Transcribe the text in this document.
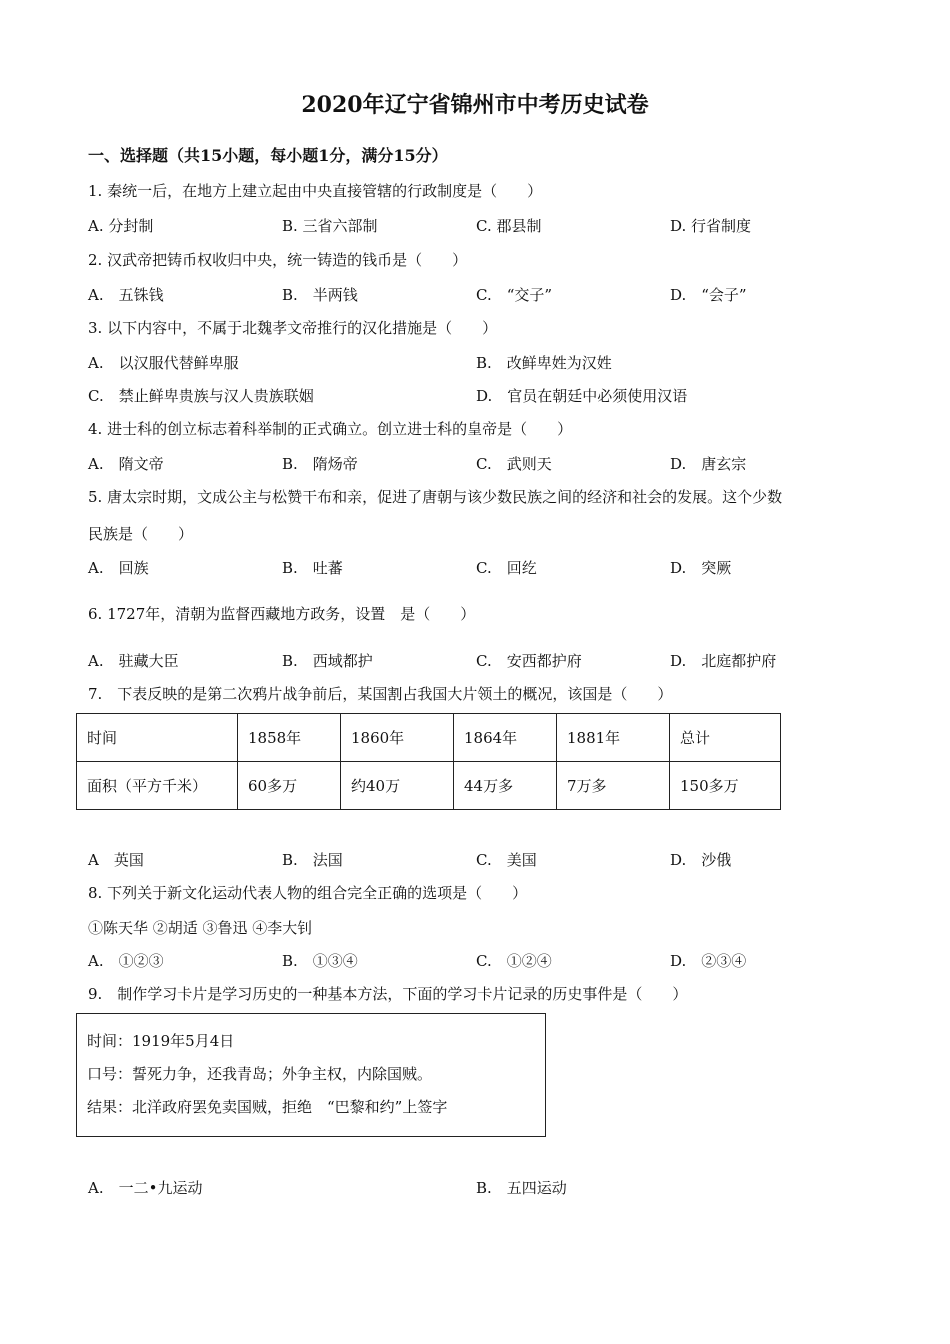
2020年辽宁省锦州市中考历史试卷
一、选择题（共15小题，每小题1分，满分15分）
1. 秦统一后，在地方上建立起由中央直接管辖的行政制度是（　　）
A. 分封制	B. 三省六部制	C. 郡县制	D. 行省制度
2. 汉武帝把铸币权收归中央，统一铸造的钱币是（　　）
A.　五铢钱	B.　半两钱	C.　“交子”	D.　“会子”
3. 以下内容中，不属于北魏孝文帝推行的汉化措施是（　　）
A.　以汉服代替鲜卑服	B.　改鲜卑姓为汉姓
C.　禁止鲜卑贵族与汉人贵族联姻	D.　官员在朝廷中必须使用汉语
4. 进士科的创立标志着科举制的正式确立。创立进士科的皇帝是（　　）
A.　隋文帝	B.　隋炀帝	C.　武则天	D.　唐玄宗
5. 唐太宗时期，文成公主与松赞干布和亲，促进了唐朝与该少数民族之间的经济和社会的发展。这个少数
民族是（　　）
A.　回族	B.　吐蕃	C.　回纥	D.　突厥
6. 1727年，清朝为监督西藏地方政务，设置　是（　　）
A.　驻藏大臣	B.　西域都护	C.　安西都护府	D.　北庭都护府
7.　下表反映的是第二次鸦片战争前后，某国割占我国大片领土的概况，该国是（　　）
时间	1858年	1860年	1864年	1881年	总计
面积（平方千米）	60多万	约40万	44万多	7万多	150多万
A　英国	B.　法国	C.　美国	D.　沙俄
8. 下列关于新文化运动代表人物的组合完全正确的选项是（　　）
①陈天华 ②胡适 ③鲁迅 ④李大钊
A.　①②③	B.　①③④	C.　①②④	D.　②③④
9.　制作学习卡片是学习历史的一种基本方法，下面的学习卡片记录的历史事件是（　　）
时间：1919年5月4日
口号：誓死力争，还我青岛；外争主权，内除国贼。
结果：北洋政府罢免卖国贼，拒绝　“巴黎和约”上签字
A.　一二•九运动	B.　五四运动
